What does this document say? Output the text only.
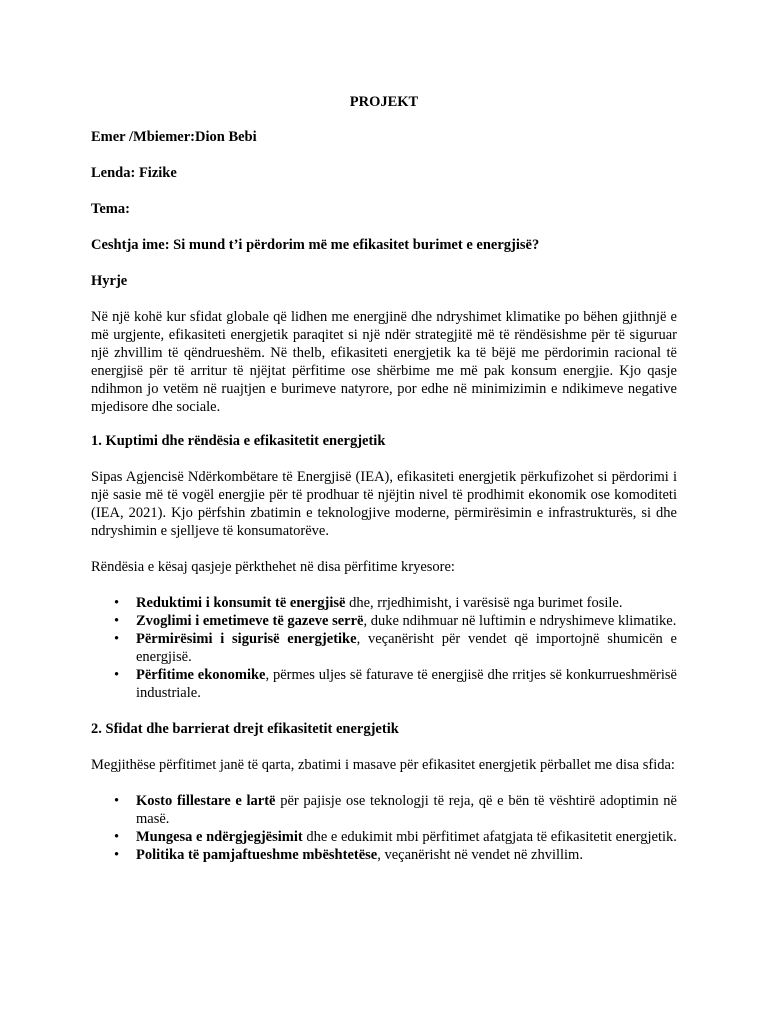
PROJEKT

Emer /Mbiemer:Dion Bebi

Lenda: Fizike

Tema:

Ceshtja ime: Si mund t’i përdorim më me efikasitet burimet e energjisë?

Hyrje

Në një kohë kur sfidat globale që lidhen me energjinë dhe ndryshimet klimatike po bëhen gjithnjë e më urgjente, efikasiteti energjetik paraqitet si një ndër strategjitë më të rëndësishme për të siguruar një zhvillim të qëndrueshëm. Në thelb, efikasiteti energjetik ka të bëjë me përdorimin racional të energjisë për të arritur të njëjtat përfitime ose shërbime me më pak konsum energjie. Kjo qasje ndihmon jo vetëm në ruajtjen e burimeve natyrore, por edhe në minimizimin e ndikimeve negative mjedisore dhe sociale.

1. Kuptimi dhe rëndësia e efikasitetit energjetik

Sipas Agjencisë Ndërkombëtare të Energjisë (IEA), efikasiteti energjetik përkufizohet si përdorimi i një sasie më të vogël energjie për të prodhuar të njëjtin nivel të prodhimit ekonomik ose komoditeti (IEA, 2021). Kjo përfshin zbatimin e teknologjive moderne, përmirësimin e infrastrukturës, si dhe ndryshimin e sjelljeve të konsumatorëve.

Rëndësia e kësaj qasjeje përkthehet në disa përfitime kryesore:

• Reduktimi i konsumit të energjisë dhe, rrjedhimisht, i varësisë nga burimet fosile.
• Zvoglimi i emetimeve të gazeve serrë, duke ndihmuar në luftimin e ndryshimeve klimatike.
• Përmirësimi i sigurisë energjetike, veçanërisht për vendet që importojnë shumicën e energjisë.
• Përfitime ekonomike, përmes uljes së faturave të energjisë dhe rritjes së konkurrueshmërisë industriale.

2. Sfidat dhe barrierat drejt efikasitetit energjetik

Megjithëse përfitimet janë të qarta, zbatimi i masave për efikasitet energjetik përballet me disa sfida:

• Kosto fillestare e lartë për pajisje ose teknologji të reja, që e bën të vështirë adoptimin në masë.
• Mungesa e ndërgjegjësimit dhe e edukimit mbi përfitimet afatgjata të efikasitetit energjetik.
• Politika të pamjaftueshme mbështetëse, veçanërisht në vendet në zhvillim.
